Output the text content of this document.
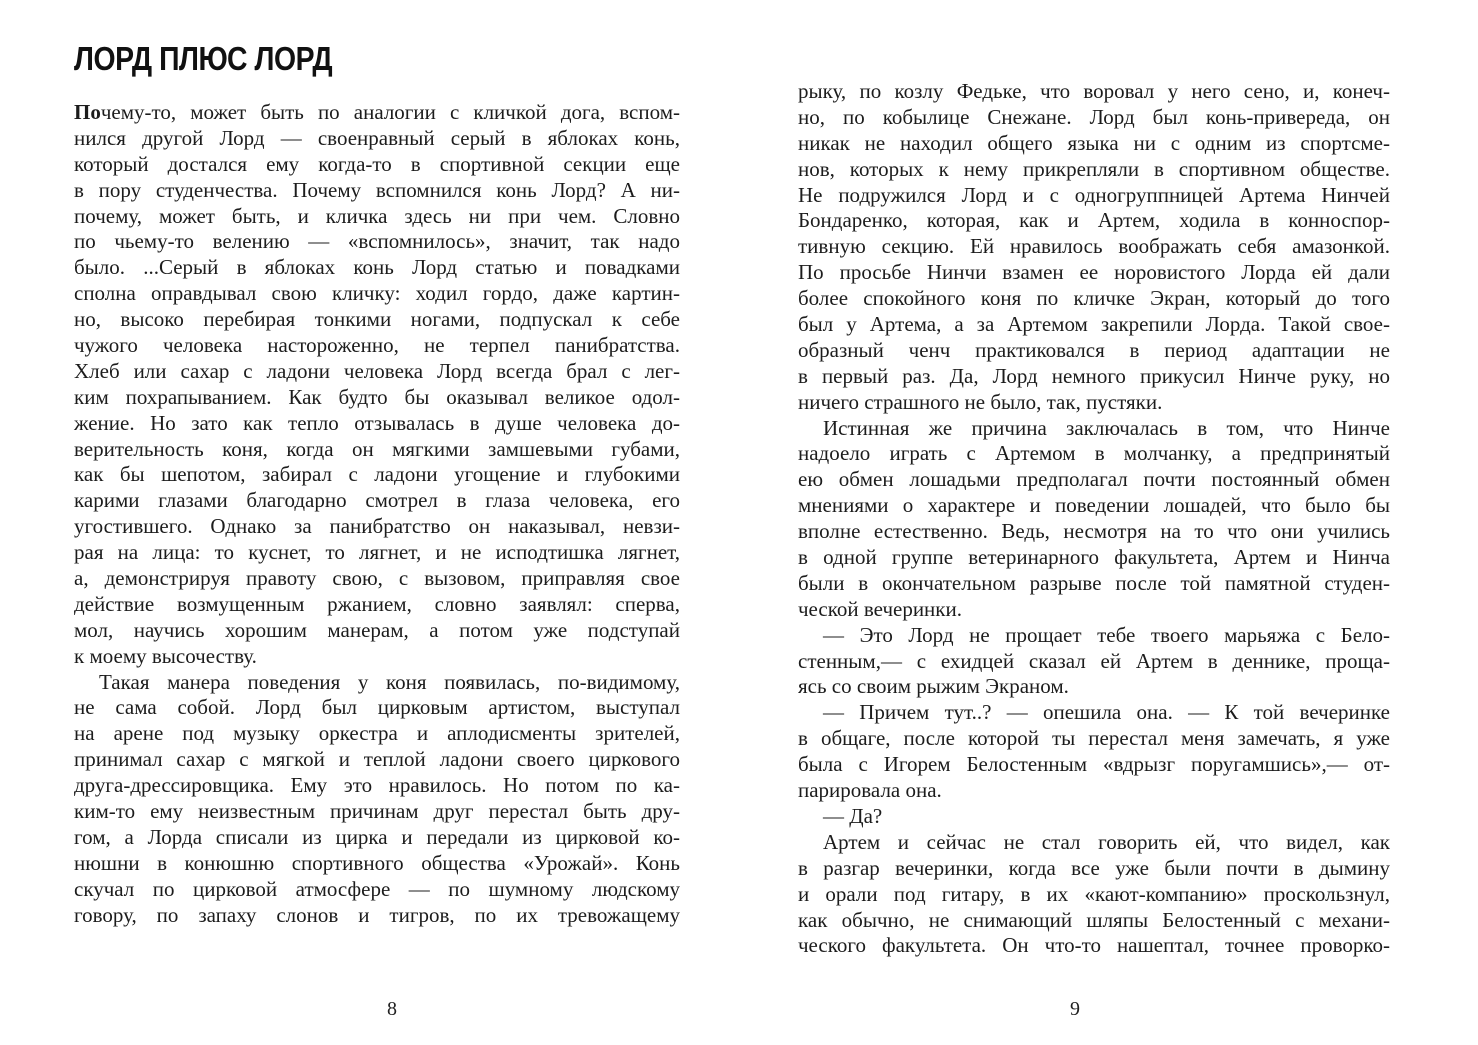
ЛОРД ПЛЮС ЛОРД
Почему-то, может быть по аналогии с кличкой дога, вспом-
нился другой Лорд — своенравный серый в яблоках конь,
который достался ему когда-то в спортивной секции еще
в пору студенчества. Почему вспомнился конь Лорд? А ни-
почему, может быть, и кличка здесь ни при чем. Словно
по чьему-то велению — «вспомнилось», значит, так надо
было. ...Серый в яблоках конь Лорд статью и повадками
сполна оправдывал свою кличку: ходил гордо, даже картин-
но, высоко перебирая тонкими ногами, подпускал к себе
чужого человека настороженно, не терпел панибратства.
Хлеб или сахар с ладони человека Лорд всегда брал с лег-
ким похрапыванием. Как будто бы оказывал великое одол-
жение. Но зато как тепло отзывалась в душе человека до-
верительность коня, когда он мягкими замшевыми губами,
как бы шепотом, забирал с ладони угощение и глубокими
карими глазами благодарно смотрел в глаза человека, его
угостившего. Однако за панибратство он наказывал, невзи-
рая на лица: то куснет, то лягнет, и не исподтишка лягнет,
а, демонстрируя правоту свою, с вызовом, приправляя свое
действие возмущенным ржанием, словно заявлял: сперва,
мол, научись хорошим манерам, а потом уже подступай
к моему высочеству.
Такая манера поведения у коня появилась, по-видимому,
не сама собой. Лорд был цирковым артистом, выступал
на арене под музыку оркестра и аплодисменты зрителей,
принимал сахар с мягкой и теплой ладони своего циркового
друга-дрессировщика. Ему это нравилось. Но потом по ка-
ким-то ему неизвестным причинам друг перестал быть дру-
гом, а Лорда списали из цирка и передали из цирковой ко-
нюшни в конюшню спортивного общества «Урожай». Конь
скучал по цирковой атмосфере — по шумному людскому
говору, по запаху слонов и тигров, по их тревожащему
8
рыку, по козлу Федьке, что воровал у него сено, и, конеч-
но, по кобылице Снежане. Лорд был конь-привереда, он
никак не находил общего языка ни с одним из спортсме-
нов, которых к нему прикрепляли в спортивном обществе.
Не подружился Лорд и с одногруппницей Артема Нинчей
Бондаренко, которая, как и Артем, ходила в конноспор-
тивную секцию. Ей нравилось воображать себя амазонкой.
По просьбе Нинчи взамен ее норовистого Лорда ей дали
более спокойного коня по кличке Экран, который до того
был у Артема, а за Артемом закрепили Лорда. Такой свое-
образный ченч практиковался в период адаптации не
в первый раз. Да, Лорд немного прикусил Нинче руку, но
ничего страшного не было, так, пустяки.
Истинная же причина заключалась в том, что Нинче
надоело играть с Артемом в молчанку, а предпринятый
ею обмен лошадьми предполагал почти постоянный обмен
мнениями о характере и поведении лошадей, что было бы
вполне естественно. Ведь, несмотря на то что они учились
в одной группе ветеринарного факультета, Артем и Нинча
были в окончательном разрыве после той памятной студен-
ческой вечеринки.
— Это Лорд не прощает тебе твоего марьяжа с Бело-
стенным,— с ехидцей сказал ей Артем в деннике, проща-
ясь со своим рыжим Экраном.
— Причем тут..? — опешила она. — К той вечеринке
в общаге, после которой ты перестал меня замечать, я уже
была с Игорем Белостенным «вдрызг поругамшись»,— от-
парировала она.
— Да?
Артем и сейчас не стал говорить ей, что видел, как
в разгар вечеринки, когда все уже были почти в дымину
и орали под гитару, в их «кают-компанию» проскользнул,
как обычно, не снимающий шляпы Белостенный с механи-
ческого факультета. Он что-то нашептал, точнее проворко-
9
